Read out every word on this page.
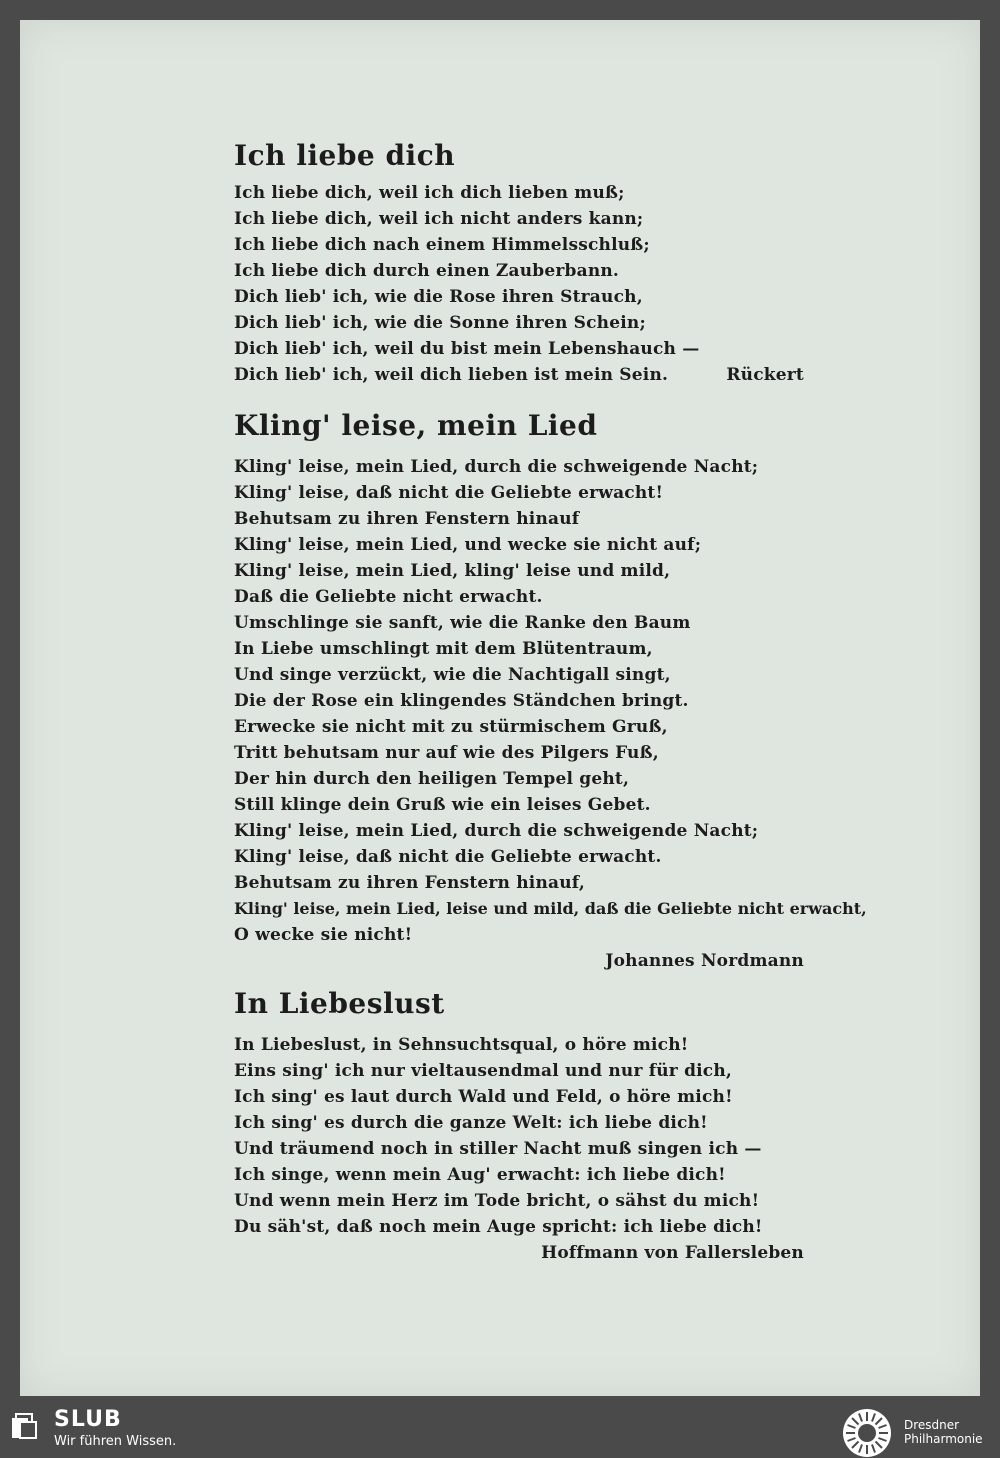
Ich liebe dich
Ich liebe dich, weil ich dich lieben muß;
Ich liebe dich, weil ich nicht anders kann;
Ich liebe dich nach einem Himmelsschluß;
Ich liebe dich durch einen Zauberbann.
Dich lieb' ich, wie die Rose ihren Strauch,
Dich lieb' ich, wie die Sonne ihren Schein;
Dich lieb' ich, weil du bist mein Lebenshauch —
Dich lieb' ich, weil dich lieben ist mein Sein.	Rückert
Kling' leise, mein Lied
Kling' leise, mein Lied, durch die schweigende Nacht;
Kling' leise, daß nicht die Geliebte erwacht!
Behutsam zu ihren Fenstern hinauf
Kling' leise, mein Lied, und wecke sie nicht auf;
Kling' leise, mein Lied, kling' leise und mild,
Daß die Geliebte nicht erwacht.
Umschlinge sie sanft, wie die Ranke den Baum
In Liebe umschlingt mit dem Blütentraum,
Und singe verzückt, wie die Nachtigall singt,
Die der Rose ein klingendes Ständchen bringt.
Erwecke sie nicht mit zu stürmischem Gruß,
Tritt behutsam nur auf wie des Pilgers Fuß,
Der hin durch den heiligen Tempel geht,
Still klinge dein Gruß wie ein leises Gebet.
Kling' leise, mein Lied, durch die schweigende Nacht;
Kling' leise, daß nicht die Geliebte erwacht.
Behutsam zu ihren Fenstern hinauf,
Kling' leise, mein Lied, leise und mild, daß die Geliebte nicht erwacht,
O wecke sie nicht!
Johannes Nordmann
In Liebeslust
In Liebeslust, in Sehnsuchtsqual, o höre mich!
Eins sing' ich nur vieltausendmal und nur für dich,
Ich sing' es laut durch Wald und Feld, o höre mich!
Ich sing' es durch die ganze Welt: ich liebe dich!
Und träumend noch in stiller Nacht muß singen ich —
Ich singe, wenn mein Aug' erwacht: ich liebe dich!
Und wenn mein Herz im Tode bricht, o sähst du mich!
Du säh'st, daß noch mein Auge spricht: ich liebe dich!
Hoffmann von Fallersleben
SLUB
Wir führen Wissen.
Dresdner
Philharmonie
